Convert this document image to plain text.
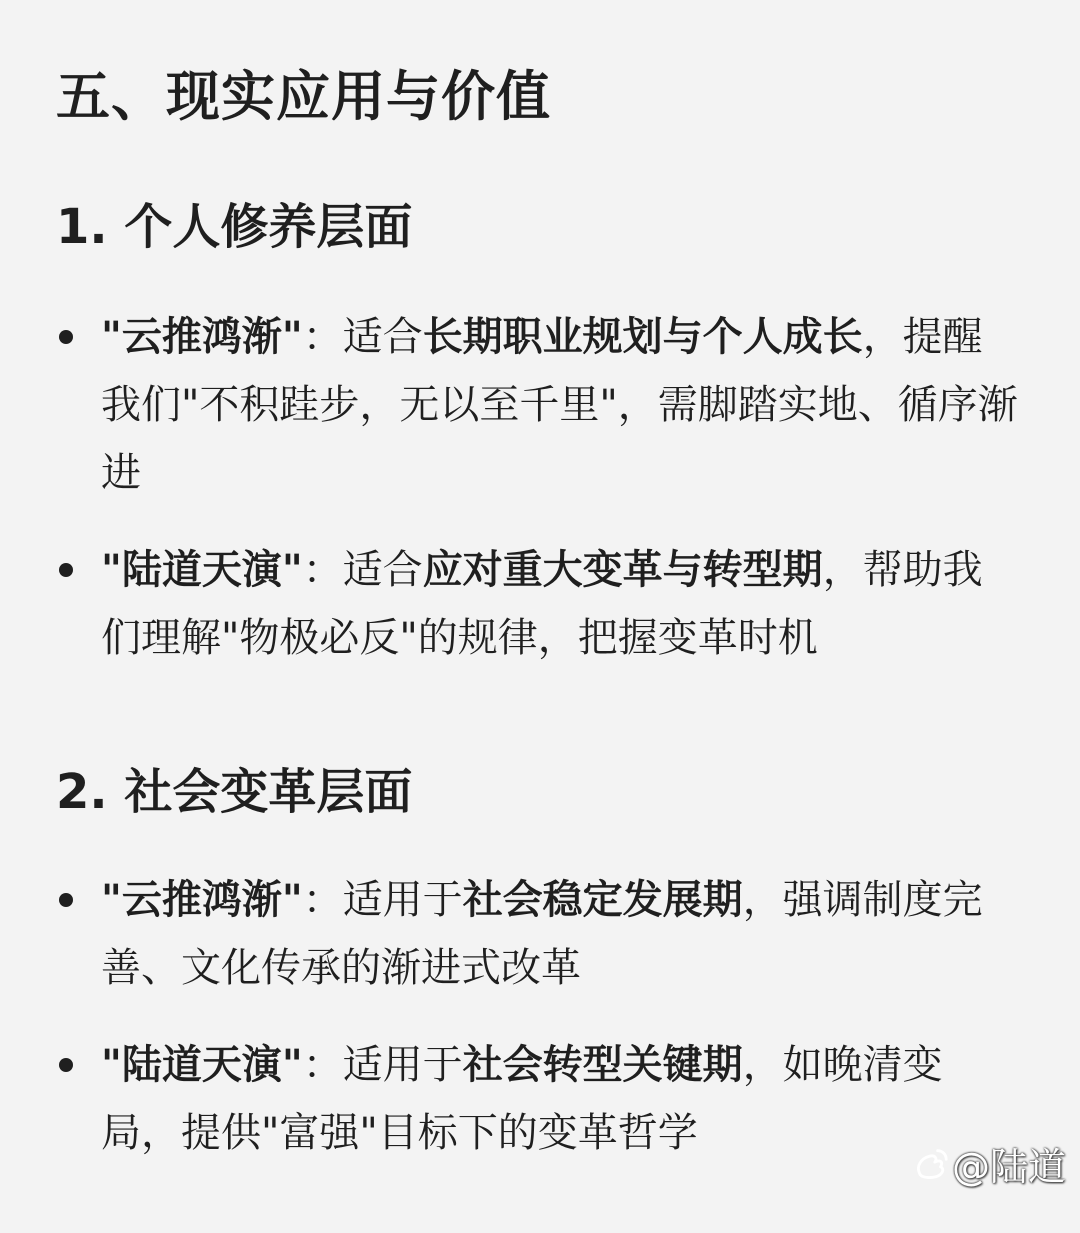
五、现实应用与价值
1. 个人修养层面
"云推鸿渐"：适合长期职业规划与个人成长，提醒我们"不积跬步，无以至千里"，需脚踏实地、循序渐进
"陆道天演"：适合应对重大变革与转型期，帮助我们理解"物极必反"的规律，把握变革时机
2. 社会变革层面
"云推鸿渐"：适用于社会稳定发展期，强调制度完善、文化传承的渐进式改革
"陆道天演"：适用于社会转型关键期，如晚清变局，提供"富强"目标下的变革哲学
@陆道
